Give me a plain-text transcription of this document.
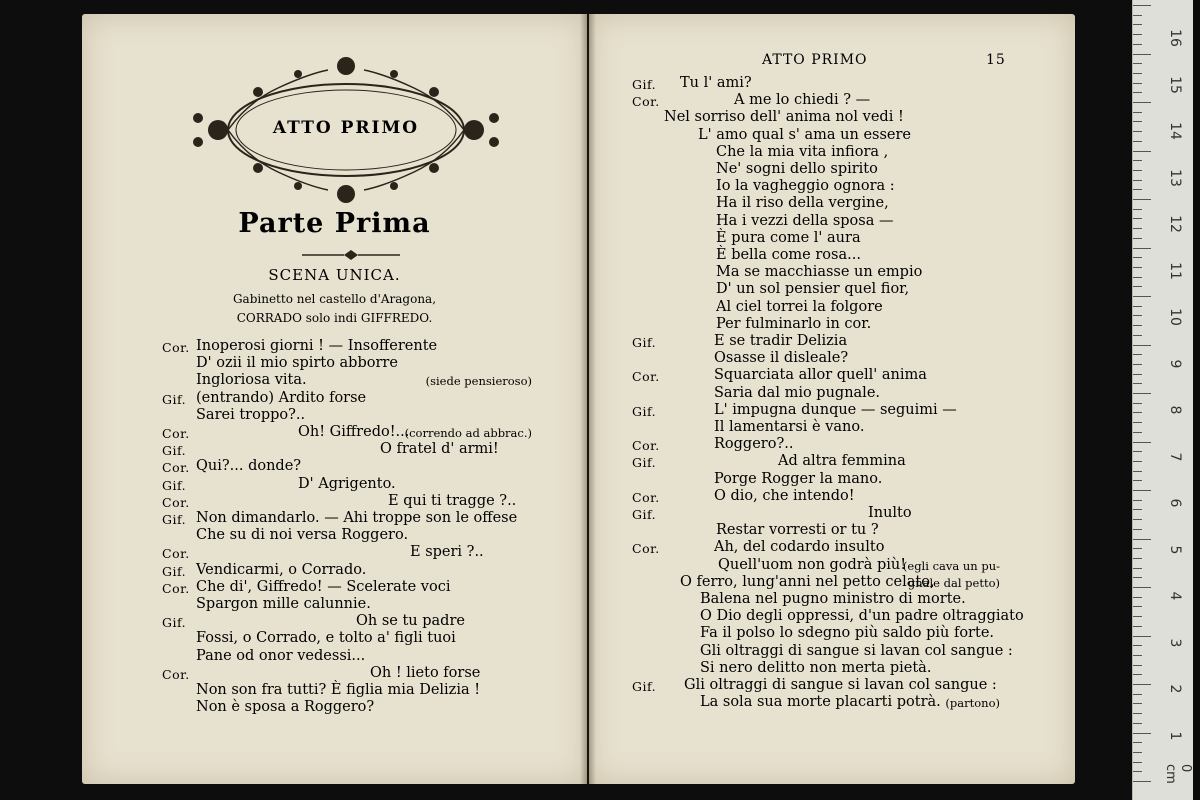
ATTO PRIMO
Parte Prima
SCENA UNICA.
Gabinetto nel castello d'Aragona,
CORRADO solo indi GIFFREDO.
Cor. Inoperosi giorni ! — Insofferente
D' ozii il mio spirto abborre
Ingloriosa vita.	(siede pensieroso)
Gif. (entrando) Ardito forse
Sarei troppo?..
Cor.	Oh! Giffredo!...
(correndo ad abbrac.)
Gif.	O fratel d' armi!
Cor. Qui?... donde?
Gif.	D' Agrigento.
Cor.	E qui ti tragge ?..
Gif. Non dimandarlo. — Ahi troppe son le offese
Che su di noi versa Roggero.
Cor.	E speri ?..
Gif. Vendicarmi, o Corrado.
Cor. Che di', Giffredo! — Scelerate voci
Spargon mille calunnie.
Gif.	Oh se tu padre
Fossi, o Corrado, e tolto a' figli tuoi
Pane od onor vedessi...
Cor.	Oh ! lieto forse
Non son fra tutti? È figlia mia Delizia !
Non è sposa a Roggero?
ATTO PRIMO	15
Gif. Tu l' ami?
Cor.	A me lo chiedi ? —
Nel sorriso dell' anima nol vedi !
L' amo qual s' ama un essere
Che la mia vita infiora ,
Ne' sogni dello spirito
Io la vagheggio ognora :
Ha il riso della vergine,
Ha i vezzi della sposa —
È pura come l' aura
È bella come rosa...
Ma se macchiasse un empio
D' un sol pensier quel fior,
Al ciel torrei la folgore
Per fulminarlo in cor.
Gif.	E se tradir Delizia
Osasse il disleale?
Cor.	Squarciata allor quell' anima
Saria dal mio pugnale.
Gif.	L' impugna dunque — seguimi —
Il lamentarsi è vano.
Cor.	Roggero?..
Gif.	Ad altra femmina
Porge Rogger la mano.
Cor.	O dio, che intendo!
Gif.	Inulto
Restar vorresti or tu ?
Cor.	Ah, del codardo insulto
Quell'uom non godrà più!
(egli cava un pu-
O ferro, lung'anni nel petto celato,
gnale dal petto)
Balena nel pugno ministro di morte.
O Dio degli oppressi, d'un padre oltraggiato
Fa il polso lo sdegno più saldo più forte.
Gli oltraggi di sangue si lavan col sangue :
Si nero delitto non merta pietà.
Gif. Gli oltraggi di sangue si lavan col sangue :
La sola sua morte placarti potrà. (partono)
0 cm
16
15
14
13
12
11
10
9
8
7
6
5
4
3
2
1
